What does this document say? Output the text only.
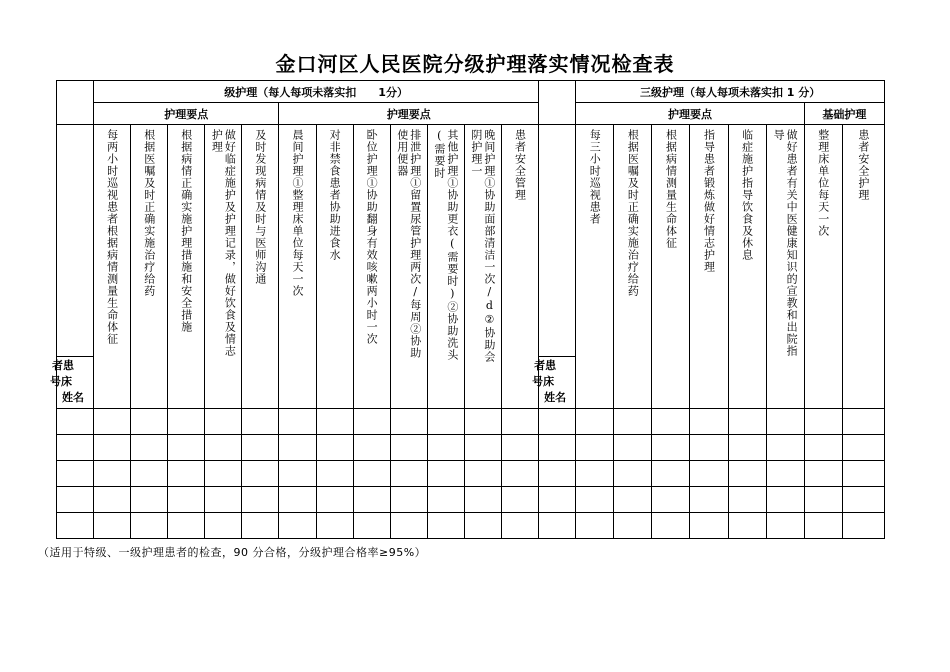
金口河区人民医院分级护理落实情况检查表
	级护理（每人每项未落实扣　　1分）													三级护理（每人每项未落实扣 1 分）							
	护理要点					护理要点								护理要点						基础护理	

者患
号床
姓名	每两小时巡视患者根据病情测量生命体征	根据医嘱及时正确实施治疗给药	根据病情正确实施护理措施和安全措施	做好临症施护及护理记录，做好饮食及情志护理	及时发现病情及时与医师沟通	晨间护理①整理床单位每天一次	对非禁食患者协助进食水	卧位护理①协助翻身有效咳嗽两小时一次	排泄护理①留置尿管护理两次/每周②协助使用便器	其他护理①协助更衣(需要时)②协助洗头(需要时	晚间护理①协助面部清洁一次/d②协助会阴护理一	患者安全管理	者患
号床
姓名	每三小时巡视患者	根据医嘱及时正确实施治疗给药	根据病情测量生命体征	指导患者锻炼做好情志护理	临症施护指导饮食及休息	做好患者有关中医健康知识的宣教和出院指导	整理床单位每天一次	患者安全护理

（适用于特级、一级护理患者的检查，90 分合格，分级护理合格率≥95%）
